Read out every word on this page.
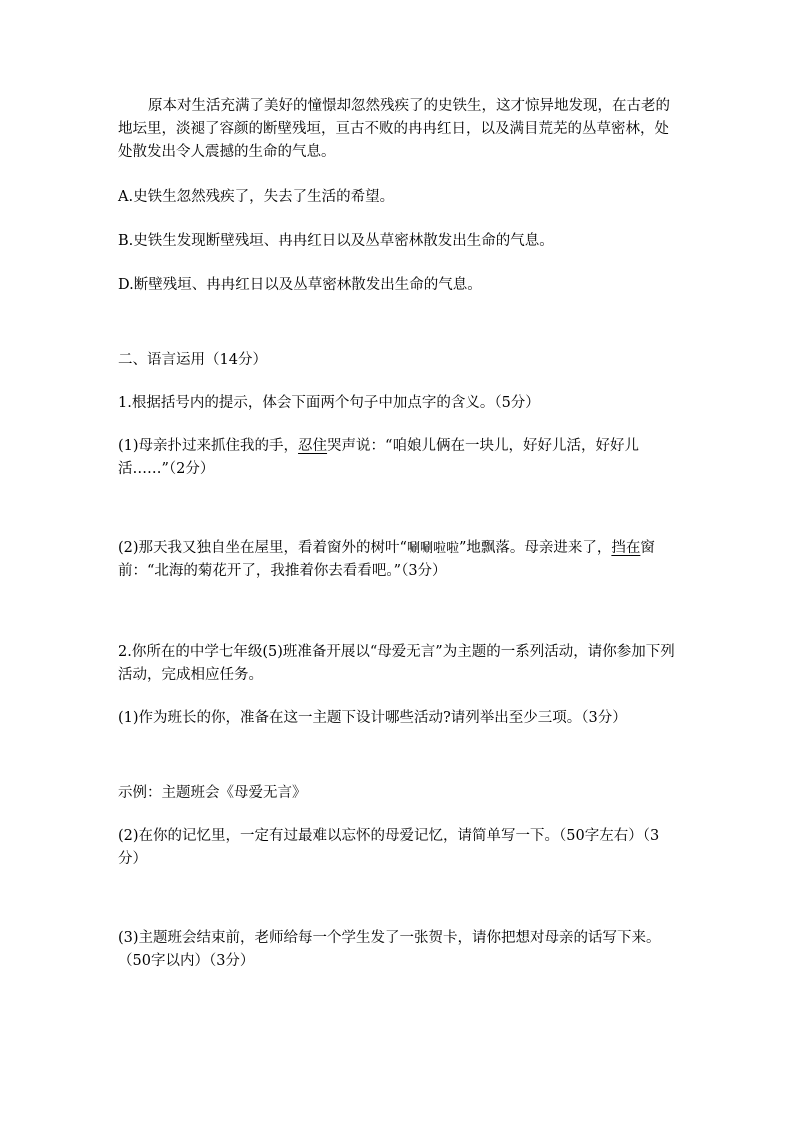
原本对生活充满了美好的憧憬却忽然残疾了的史铁生，这才惊异地发现，在古老的地坛里，淡褪了容颜的断壁残垣，亘古不败的冉冉红日，以及满目荒芜的丛草密林，处处散发出令人震撼的生命的气息。

A.史铁生忽然残疾了，失去了生活的希望。

B.史铁生发现断壁残垣、冉冉红日以及丛草密林散发出生命的气息。

D.断壁残垣、冉冉红日以及丛草密林散发出生命的气息。

二、语言运用（14分）

1.根据括号内的提示，体会下面两个句子中加点字的含义。（5分）

(1)母亲扑过来抓住我的手，忍住哭声说：“咱娘儿俩在一块儿，好好儿活，好好儿活……”（2分）

(2)那天我又独自坐在屋里，看着窗外的树叶“唰唰啦啦”地飘落。母亲进来了，挡在窗前：“北海的菊花开了，我推着你去看看吧。”（3分）

2.你所在的中学七年级(5)班准备开展以“母爱无言”为主题的一系列活动，请你参加下列活动，完成相应任务。

(1)作为班长的你，准备在这一主题下设计哪些活动?请列举出至少三项。（3分）

示例：主题班会《母爱无言》

(2)在你的记忆里，一定有过最难以忘怀的母爱记忆，请简单写一下。（50字左右）（3分）

(3)主题班会结束前，老师给每一个学生发了一张贺卡，请你把想对母亲的话写下来。（50字以内）（3分）
